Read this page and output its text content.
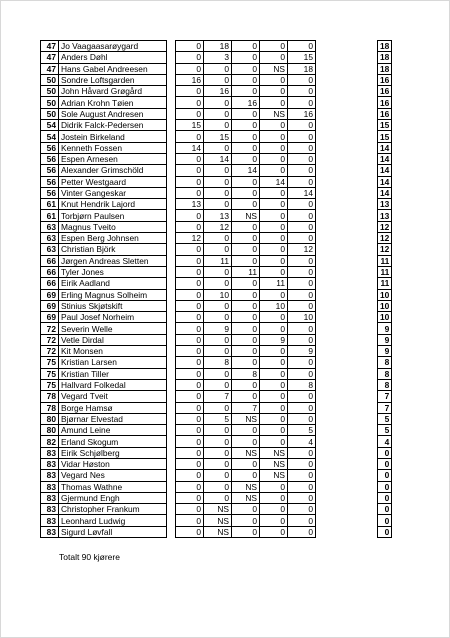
47	Jo Vaagaasarøygard		0	18	0	0	0		18
47	Anders Døhl		0	3	0	0	15		18
47	Hans Gabel Andreesen		0	0	0	NS	18		18
50	Sondre Loftsgarden		16	0	0	0	0		16
50	John Håvard Grøgård		0	16	0	0	0		16
50	Adrian Krohn Tøien		0	0	16	0	0		16
50	Sole August Andresen		0	0	0	NS	16		16
54	Didrik Falck-Pedersen		15	0	0	0	0		15
54	Jostein Birkeland		0	15	0	0	0		15
56	Kenneth Fossen		14	0	0	0	0		14
56	Espen Arnesen		0	14	0	0	0		14
56	Alexander Grimschöld		0	0	14	0	0		14
56	Petter Westgaard		0	0	0	14	0		14
56	Vinter Gangeskar		0	0	0	0	14		14
61	Knut Hendrik Lajord		13	0	0	0	0		13
61	Torbjørn Paulsen		0	13	NS	0	0		13
63	Magnus Tveito		0	12	0	0	0		12
63	Espen Berg Johnsen		12	0	0	0	0		12
63	Christian Björk		0	0	0	0	12		12
66	Jørgen Andreas Sletten		0	11	0	0	0		11
66	Tyler Jones		0	0	11	0	0		11
66	Eirik Aadland		0	0	0	11	0		11
69	Erling Magnus Solheim		0	10	0	0	0		10
69	Stinius Skjøtskift		0	0	0	10	0		10
69	Paul Josef Norheim		0	0	0	0	10		10
72	Severin Welle		0	9	0	0	0		9
72	Vetle Dirdal		0	0	0	9	0		9
72	Kit Monsen		0	0	0	0	9		9
75	Kristian Larsen		0	8	0	0	0		8
75	Kristian Tiller		0	0	8	0	0		8
75	Hallvard Folkedal		0	0	0	0	8		8
78	Vegard Tveit		0	7	0	0	0		7
78	Borge Hamsø		0	0	7	0	0		7
80	Bjørnar Elvestad		0	5	NS	0	0		5
80	Amund Leine		0	0	0	0	5		5
82	Erland Skogum		0	0	0	0	4		4
83	Eirik Schjølberg		0	0	NS	NS	0		0
83	Vidar Høston		0	0	0	NS	0		0
83	Vegard Nes		0	0	0	NS	0		0
83	Thomas Wathne		0	0	NS	0	0		0
83	Gjermund Engh		0	0	NS	0	0		0
83	Christopher Frankum		0	NS	0	0	0		0
83	Leonhard Ludwig		0	NS	0	0	0		0
83	Sigurd Løvfall		0	NS	0	0	0		0
Totalt 90 kjørere
